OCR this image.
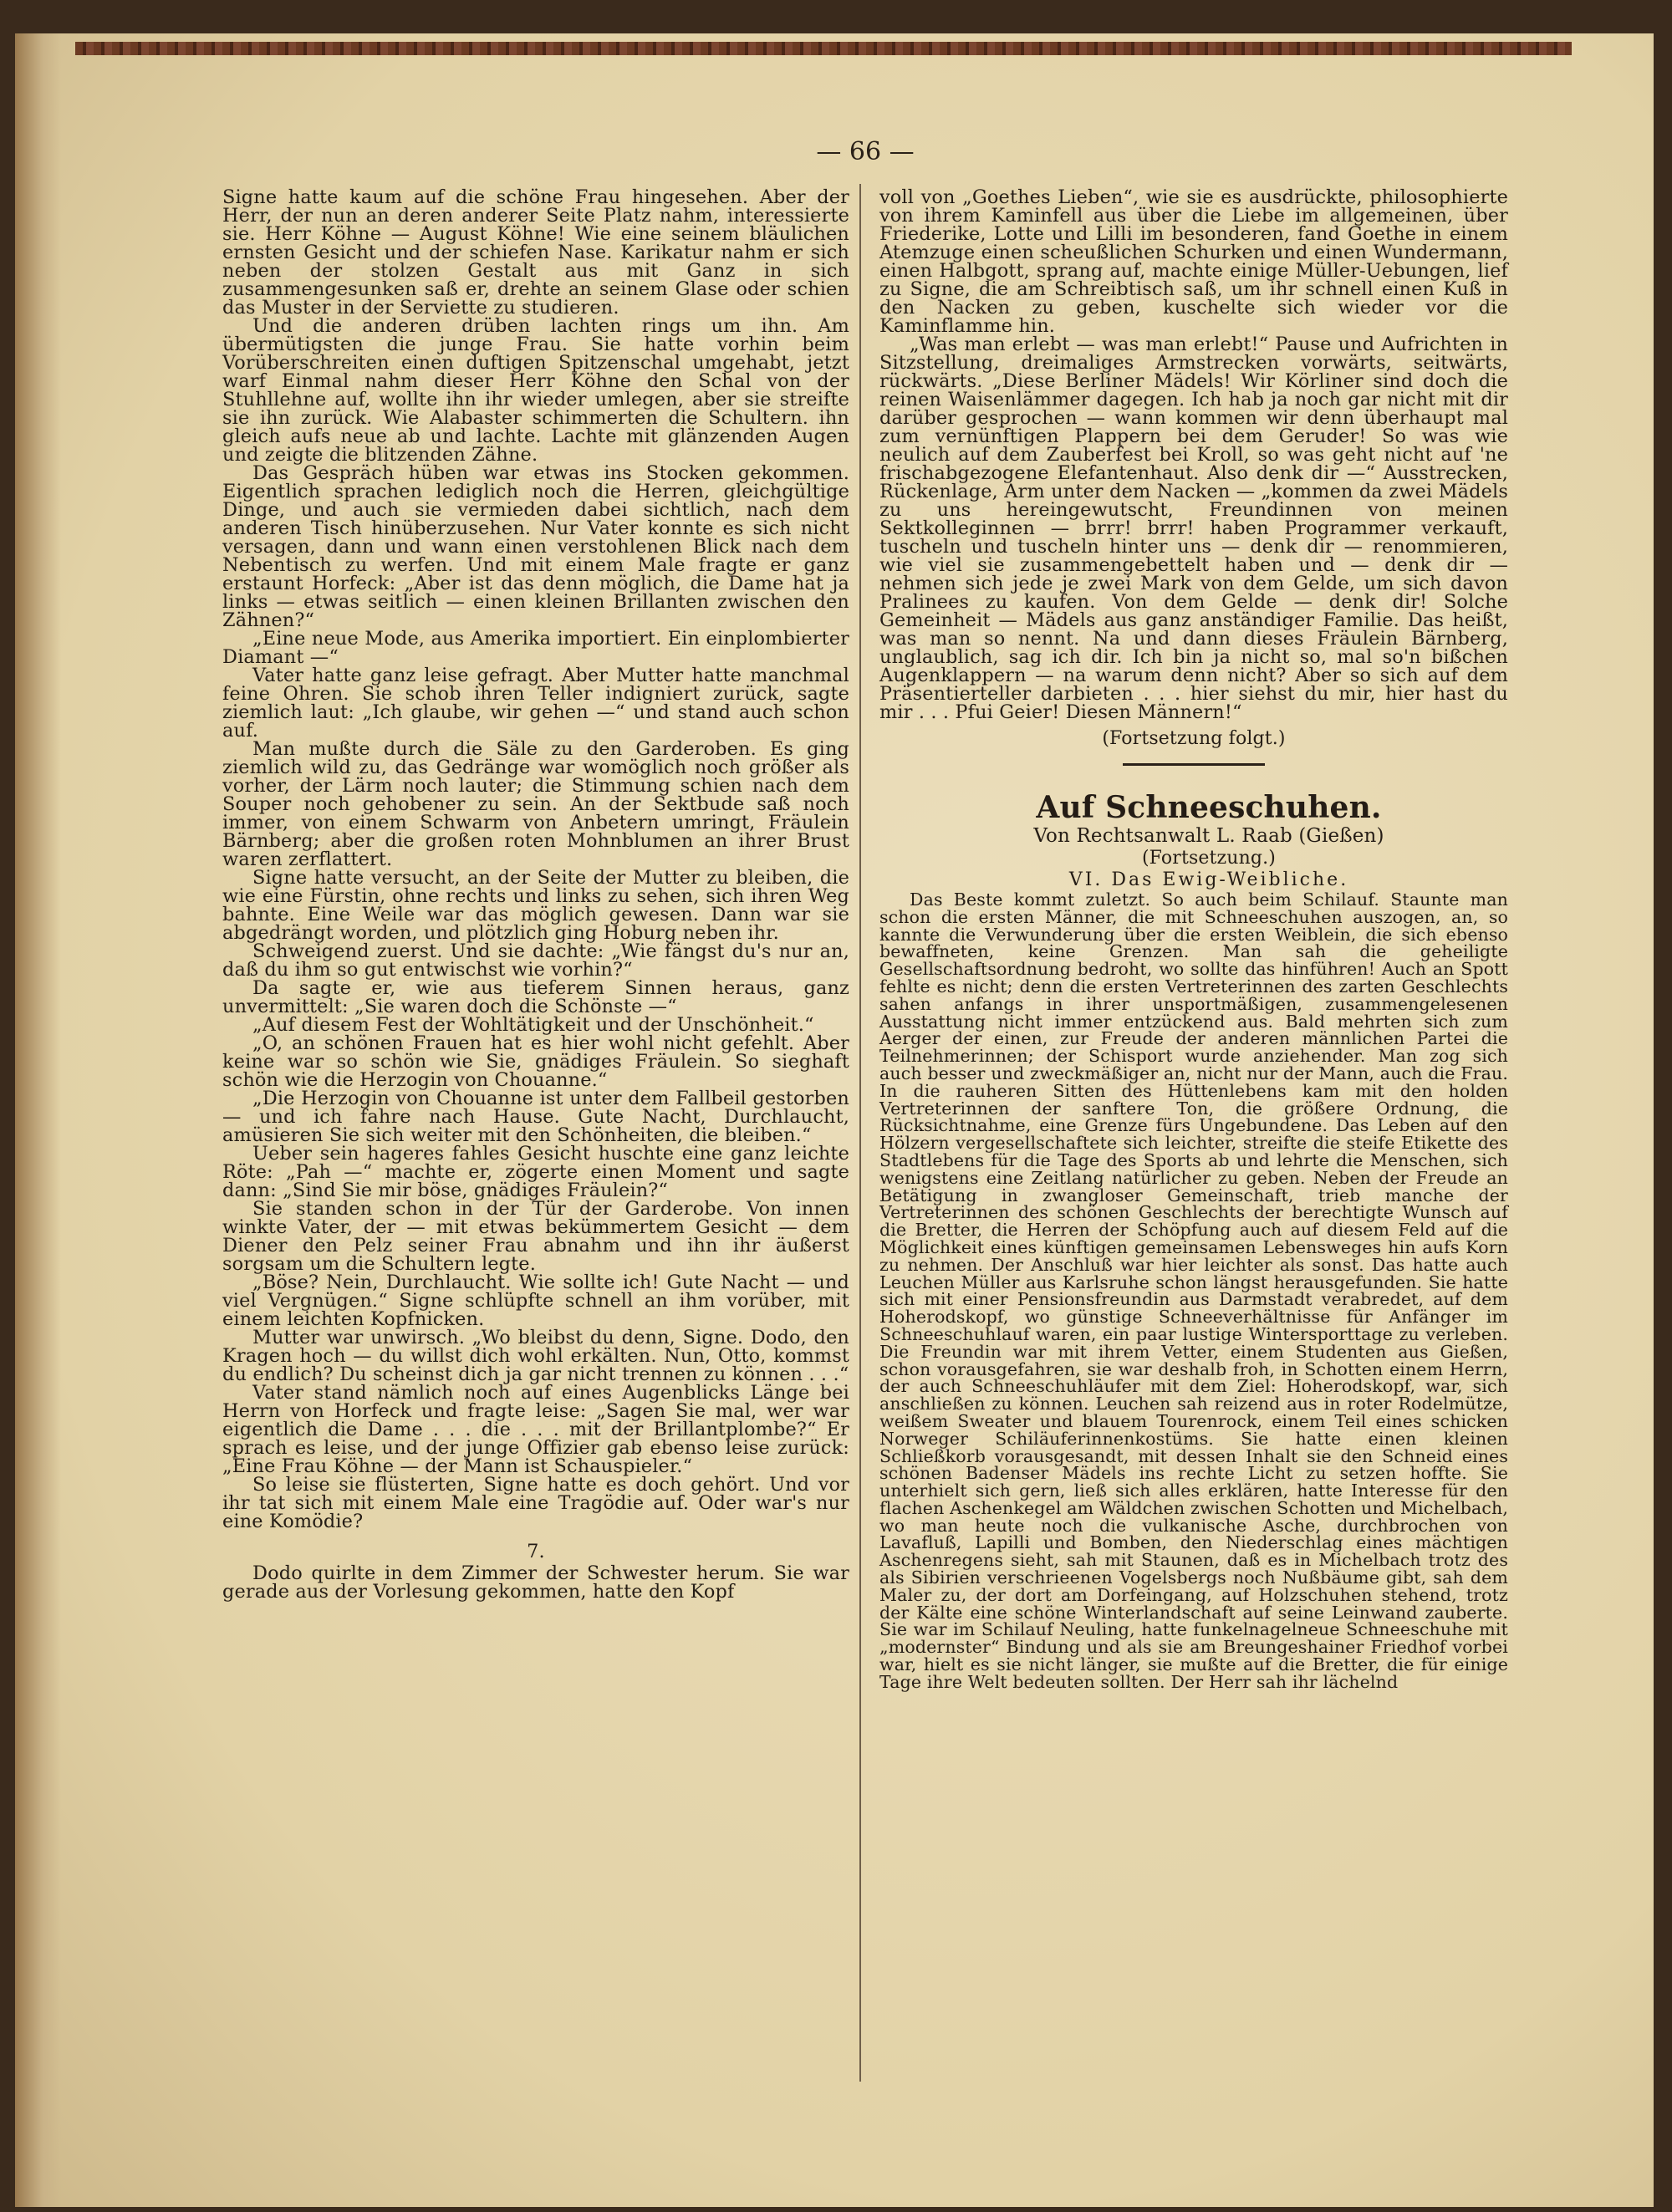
— 66 —

Signe hatte kaum auf die schöne Frau hingesehen. Aber der Herr, der nun an deren anderer Seite Platz nahm, interessierte sie. Herr Köhne — August Köhne! Wie eine seinem bläulichen ernsten Gesicht und der schiefen Nase. Karikatur nahm er sich neben der stolzen Gestalt aus mit Ganz in sich zusammengesunken saß er, drehte an seinem Glase oder schien das Muster in der Serviette zu studieren.

Und die anderen drüben lachten rings um ihn. Am übermütigsten die junge Frau. Sie hatte vorhin beim Vorüberschreiten einen duftigen Spitzenschal umgehabt, jetzt warf Einmal nahm dieser Herr Köhne den Schal von der Stuhllehne auf, wollte ihn ihr wieder umlegen, aber sie streifte sie ihn zurück. Wie Alabaster schimmerten die Schultern. ihn gleich aufs neue ab und lachte. Lachte mit glänzenden Augen und zeigte die blitzenden Zähne.

Das Gespräch hüben war etwas ins Stocken gekommen. Eigentlich sprachen lediglich noch die Herren, gleichgültige Dinge, und auch sie vermieden dabei sichtlich, nach dem anderen Tisch hinüberzusehen. Nur Vater konnte es sich nicht versagen, dann und wann einen verstohlenen Blick nach dem Nebentisch zu werfen. Und mit einem Male fragte er ganz erstaunt Horfeck: „Aber ist das denn möglich, die Dame hat ja links — etwas seitlich — einen kleinen Brillanten zwischen den Zähnen?“

„Eine neue Mode, aus Amerika importiert. Ein einplombierter Diamant —“

Vater hatte ganz leise gefragt. Aber Mutter hatte manchmal feine Ohren. Sie schob ihren Teller indigniert zurück, sagte ziemlich laut: „Ich glaube, wir gehen —“ und stand auch schon auf.

Man mußte durch die Säle zu den Garderoben. Es ging ziemlich wild zu, das Gedränge war womöglich noch größer als vorher, der Lärm noch lauter; die Stimmung schien nach dem Souper noch gehobener zu sein. An der Sektbude saß noch immer, von einem Schwarm von Anbetern umringt, Fräulein Bärnberg; aber die großen roten Mohnblumen an ihrer Brust waren zerflattert.

Signe hatte versucht, an der Seite der Mutter zu bleiben, die wie eine Fürstin, ohne rechts und links zu sehen, sich ihren Weg bahnte. Eine Weile war das möglich gewesen. Dann war sie abgedrängt worden, und plötzlich ging Hoburg neben ihr.

Schweigend zuerst. Und sie dachte: „Wie fängst du's nur an, daß du ihm so gut entwischst wie vorhin?“

Da sagte er, wie aus tieferem Sinnen heraus, ganz unvermittelt: „Sie waren doch die Schönste —“

„Auf diesem Fest der Wohltätigkeit und der Unschönheit.“

„O, an schönen Frauen hat es hier wohl nicht gefehlt. Aber keine war so schön wie Sie, gnädiges Fräulein. So sieghaft schön wie die Herzogin von Chouanne.“

„Die Herzogin von Chouanne ist unter dem Fallbeil gestorben — und ich fahre nach Hause. Gute Nacht, Durchlaucht, amüsieren Sie sich weiter mit den Schönheiten, die bleiben.“

Ueber sein hageres fahles Gesicht huschte eine ganz leichte Röte: „Pah —“ machte er, zögerte einen Moment und sagte dann: „Sind Sie mir böse, gnädiges Fräulein?“

Sie standen schon in der Tür der Garderobe. Von innen winkte Vater, der — mit etwas bekümmertem Gesicht — dem Diener den Pelz seiner Frau abnahm und ihn ihr äußerst sorgsam um die Schultern legte.

„Böse? Nein, Durchlaucht. Wie sollte ich! Gute Nacht — und viel Vergnügen.“ Signe schlüpfte schnell an ihm vorüber, mit einem leichten Kopfnicken.

Mutter war unwirsch. „Wo bleibst du denn, Signe. Dodo, den Kragen hoch — du willst dich wohl erkälten. Nun, Otto, kommst du endlich? Du scheinst dich ja gar nicht trennen zu können . . .“

Vater stand nämlich noch auf eines Augenblicks Länge bei Herrn von Horfeck und fragte leise: „Sagen Sie mal, wer war eigentlich die Dame . . . die . . . mit der Brillantplombe?“ Er sprach es leise, und der junge Offizier gab ebenso leise zurück: „Eine Frau Köhne — der Mann ist Schauspieler.“

So leise sie flüsterten, Signe hatte es doch gehört. Und vor ihr tat sich mit einem Male eine Tragödie auf. Oder war's nur eine Komödie?

7.

Dodo quirlte in dem Zimmer der Schwester herum. Sie war gerade aus der Vorlesung gekommen, hatte den Kopf

voll von „Goethes Lieben“, wie sie es ausdrückte, philosophierte von ihrem Kaminfell aus über die Liebe im allgemeinen, über Friederike, Lotte und Lilli im besonderen, fand Goethe in einem Atemzuge einen scheußlichen Schurken und einen Wundermann, einen Halbgott, sprang auf, machte einige Müller-Uebungen, lief zu Signe, die am Schreibtisch saß, um ihr schnell einen Kuß in den Nacken zu geben, kuschelte sich wieder vor die Kaminflamme hin.

„Was man erlebt — was man erlebt!“ Pause und Aufrichten in Sitzstellung, dreimaliges Armstrecken vorwärts, seitwärts, rückwärts. „Diese Berliner Mädels! Wir Körliner sind doch die reinen Waisenlämmer dagegen. Ich hab ja noch gar nicht mit dir darüber gesprochen — wann kommen wir denn überhaupt mal zum vernünftigen Plappern bei dem Geruder! So was wie neulich auf dem Zauberfest bei Kroll, so was geht nicht auf 'ne frischabgezogene Elefantenhaut. Also denk dir —“ Ausstrecken, Rückenlage, Arm unter dem Nacken — „kommen da zwei Mädels zu uns hereingewutscht, Freundinnen von meinen Sektkolleginnen — brrr! brrr! haben Programmer verkauft, tuscheln und tuscheln hinter uns — denk dir — renommieren, wie viel sie zusammengebettelt haben und — denk dir — nehmen sich jede je zwei Mark von dem Gelde, um sich davon Pralinees zu kaufen. Von dem Gelde — denk dir! Solche Gemeinheit — Mädels aus ganz anständiger Familie. Das heißt, was man so nennt. Na und dann dieses Fräulein Bärnberg, unglaublich, sag ich dir. Ich bin ja nicht so, mal so'n bißchen Augenklappern — na warum denn nicht? Aber so sich auf dem Präsentierteller darbieten . . . hier siehst du mir, hier hast du mir . . . Pfui Geier! Diesen Männern!“

(Fortsetzung folgt.)

Auf Schneeschuhen.

Von Rechtsanwalt L. Raab (Gießen)

(Fortsetzung.)

VI. Das Ewig-Weibliche.

Das Beste kommt zuletzt. So auch beim Schilauf. Staunte man schon die ersten Männer, die mit Schneeschuhen auszogen, an, so kannte die Verwunderung über die ersten Weiblein, die sich ebenso bewaffneten, keine Grenzen. Man sah die geheiligte Gesellschaftsordnung bedroht, wo sollte das hinführen! Auch an Spott fehlte es nicht; denn die ersten Vertreterinnen des zarten Geschlechts sahen anfangs in ihrer unsportmäßigen, zusammengelesenen Ausstattung nicht immer entzückend aus. Bald mehrten sich zum Aerger der einen, zur Freude der anderen männlichen Partei die Teilnehmerinnen; der Schisport wurde anziehender. Man zog sich auch besser und zweckmäßiger an, nicht nur der Mann, auch die Frau. In die rauheren Sitten des Hüttenlebens kam mit den holden Vertreterinnen der sanftere Ton, die größere Ordnung, die Rücksichtnahme, eine Grenze fürs Ungebundene. Das Leben auf den Hölzern vergesellschaftete sich leichter, streifte die steife Etikette des Stadtlebens für die Tage des Sports ab und lehrte die Menschen, sich wenigstens eine Zeitlang natürlicher zu geben. Neben der Freude an Betätigung in zwangloser Gemeinschaft, trieb manche der Vertreterinnen des schönen Geschlechts der berechtigte Wunsch auf die Bretter, die Herren der Schöpfung auch auf diesem Feld auf die Möglichkeit eines künftigen gemeinsamen Lebensweges hin aufs Korn zu nehmen. Der Anschluß war hier leichter als sonst. Das hatte auch Leuchen Müller aus Karlsruhe schon längst herausgefunden. Sie hatte sich mit einer Pensionsfreundin aus Darmstadt verabredet, auf dem Hoherodskopf, wo günstige Schneeverhältnisse für Anfänger im Schneeschuhlauf waren, ein paar lustige Wintersporttage zu verleben. Die Freundin war mit ihrem Vetter, einem Studenten aus Gießen, schon vorausgefahren, sie war deshalb froh, in Schotten einem Herrn, der auch Schneeschuhläufer mit dem Ziel: Hoherodskopf, war, sich anschließen zu können. Leuchen sah reizend aus in roter Rodelmütze, weißem Sweater und blauem Tourenrock, einem Teil eines schicken Norweger Schiläuferinnenkostüms. Sie hatte einen kleinen Schließkorb vorausgesandt, mit dessen Inhalt sie den Schneid eines schönen Badenser Mädels ins rechte Licht zu setzen hoffte. Sie unterhielt sich gern, ließ sich alles erklären, hatte Interesse für den flachen Aschenkegel am Wäldchen zwischen Schotten und Michelbach, wo man heute noch die vulkanische Asche, durchbrochen von Lavafluß, Lapilli und Bomben, den Niederschlag eines mächtigen Aschenregens sieht, sah mit Staunen, daß es in Michelbach trotz des als Sibirien verschrieenen Vogelsbergs noch Nußbäume gibt, sah dem Maler zu, der dort am Dorfeingang, auf Holzschuhen stehend, trotz der Kälte eine schöne Winterlandschaft auf seine Leinwand zauberte. Sie war im Schilauf Neuling, hatte funkelnagelneue Schneeschuhe mit „modernster“ Bindung und als sie am Breungeshainer Friedhof vorbei war, hielt es sie nicht länger, sie mußte auf die Bretter, die für einige Tage ihre Welt bedeuten sollten. Der Herr sah ihr lächelnd
